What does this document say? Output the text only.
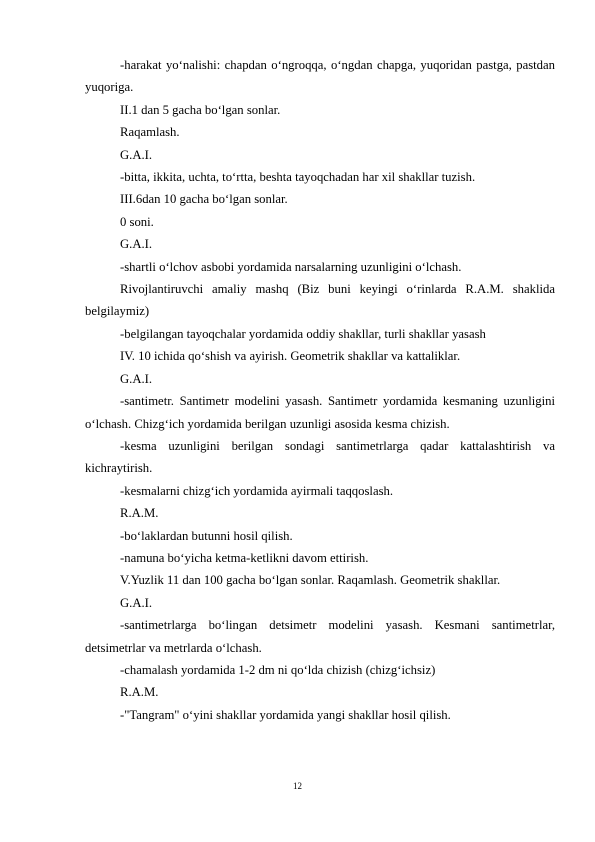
-harakat yo‘nalishi: chapdan o‘ngroqqa, o‘ngdan chapga, yuqoridan pastga, pastdan yuqoriga.

II.1 dan 5 gacha bo‘lgan sonlar.

Raqamlash.

G.A.I.

-bitta, ikkita, uchta, to‘rtta, beshta tayoqchadan har xil shakllar tuzish.

III.6dan 10 gacha bo‘lgan sonlar.

0 soni.

G.A.I.

-shartli o‘lchov asbobi yordamida narsalarning uzunligini o‘lchash.

Rivojlantiruvchi amaliy mashq (Biz buni keyingi o‘rinlarda R.A.M. shaklida belgilaymiz)

-belgilangan tayoqchalar yordamida oddiy shakllar, turli shakllar yasash

IV. 10 ichida qo‘shish va ayirish. Geometrik shakllar va kattaliklar.

G.A.I.

-santimetr. Santimetr modelini yasash. Santimetr yordamida kesmaning uzunligini o‘lchash. Chizg‘ich yordamida berilgan uzunligi asosida kesma chizish.

-kesma uzunligini berilgan sondagi santimetrlarga qadar kattalashtirish va kichraytirish.

-kesmalarni chizg‘ich yordamida ayirmali taqqoslash.

R.A.M.

-bo‘laklardan butunni hosil qilish.

-namuna bo‘yicha ketma-ketlikni davom ettirish.

V.Yuzlik 11 dan 100 gacha bo‘lgan sonlar. Raqamlash. Geometrik shakllar.

G.A.I.

-santimetrlarga bo‘lingan detsimetr modelini yasash. Kesmani santimetrlar, detsimetrlar va metrlarda o‘lchash.

-chamalash yordamida 1-2 dm ni qo‘lda chizish (chizg‘ichsiz)

R.A.M.

-"Tangram" o‘yini shakllar yordamida yangi shakllar hosil qilish.

12
